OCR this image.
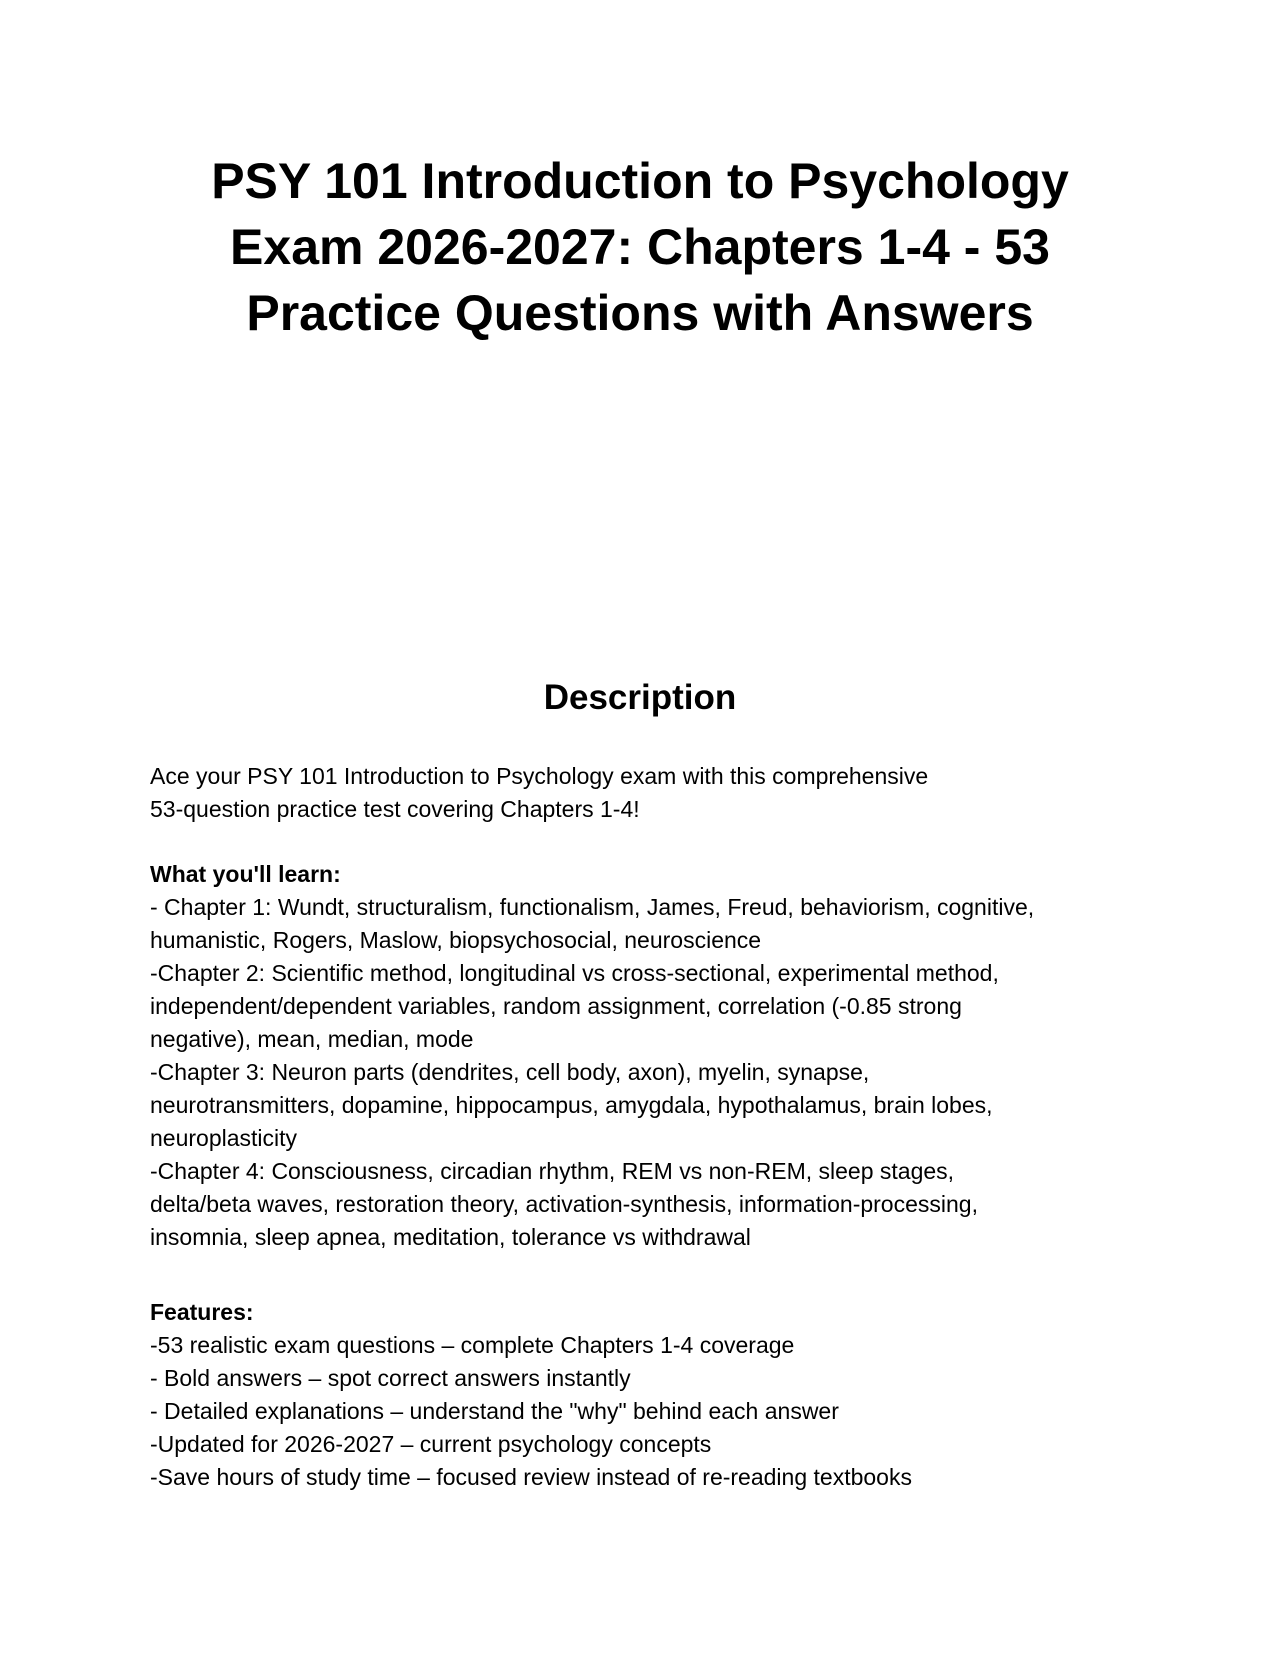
PSY 101 Introduction to Psychology
Exam 2026-2027: Chapters 1-4 - 53
Practice Questions with Answers
Description
Ace your PSY 101 Introduction to Psychology exam with this comprehensive
53-question practice test covering Chapters 1-4!
What you'll learn:
- Chapter 1: Wundt, structuralism, functionalism, James, Freud, behaviorism, cognitive,
humanistic, Rogers, Maslow, biopsychosocial, neuroscience
-Chapter 2: Scientific method, longitudinal vs cross-sectional, experimental method,
independent/dependent variables, random assignment, correlation (-0.85 strong
negative), mean, median, mode
-Chapter 3: Neuron parts (dendrites, cell body, axon), myelin, synapse,
neurotransmitters, dopamine, hippocampus, amygdala, hypothalamus, brain lobes,
neuroplasticity
-Chapter 4: Consciousness, circadian rhythm, REM vs non-REM, sleep stages,
delta/beta waves, restoration theory, activation-synthesis, information-processing,
insomnia, sleep apnea, meditation, tolerance vs withdrawal
Features:
-53 realistic exam questions – complete Chapters 1-4 coverage
- Bold answers – spot correct answers instantly
- Detailed explanations – understand the "why" behind each answer
-Updated for 2026-2027 – current psychology concepts
-Save hours of study time – focused review instead of re-reading textbooks
